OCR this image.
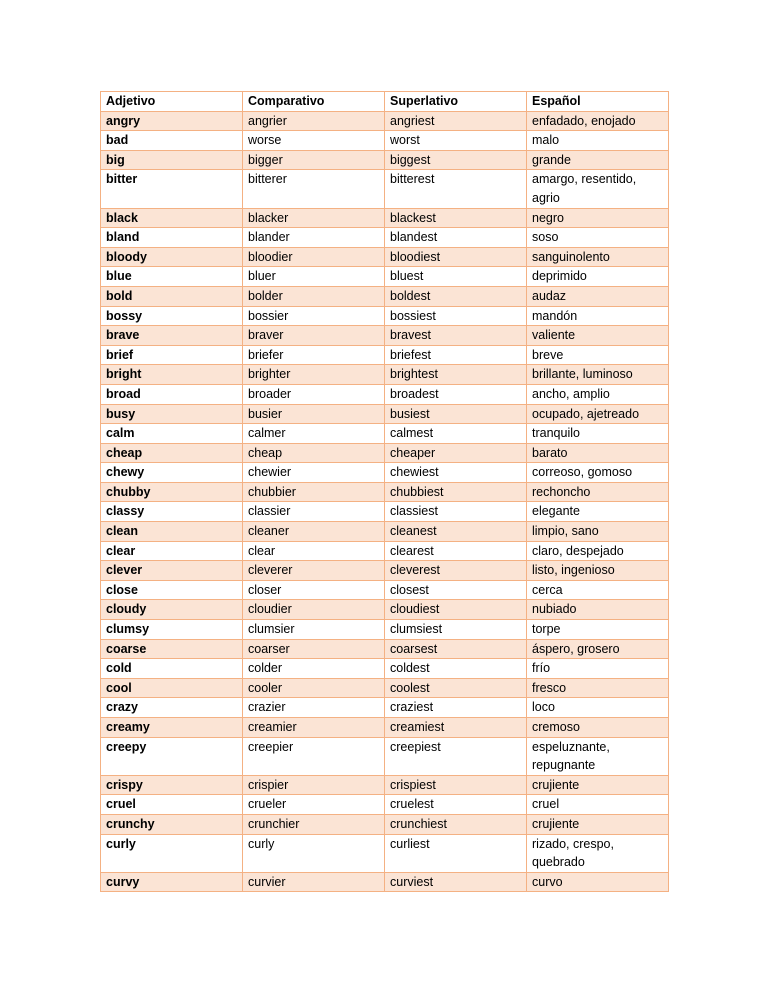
Adjetivo	Comparativo	Superlativo	Español
angry	angrier	angriest	enfadado, enojado
bad	worse	worst	malo
big	bigger	biggest	grande
bitter	bitterer	bitterest	amargo, resentido, agrio
black	blacker	blackest	negro
bland	blander	blandest	soso
bloody	bloodier	bloodiest	sanguinolento
blue	bluer	bluest	deprimido
bold	bolder	boldest	audaz
bossy	bossier	bossiest	mandón
brave	braver	bravest	valiente
brief	briefer	briefest	breve
bright	brighter	brightest	brillante, luminoso
broad	broader	broadest	ancho, amplio
busy	busier	busiest	ocupado, ajetreado
calm	calmer	calmest	tranquilo
cheap	cheap	cheaper	barato
chewy	chewier	chewiest	correoso, gomoso
chubby	chubbier	chubbiest	rechoncho
classy	classier	classiest	elegante
clean	cleaner	cleanest	limpio, sano
clear	clear	clearest	claro, despejado
clever	cleverer	cleverest	listo, ingenioso
close	closer	closest	cerca
cloudy	cloudier	cloudiest	nubiado
clumsy	clumsier	clumsiest	torpe
coarse	coarser	coarsest	áspero, grosero
cold	colder	coldest	frío
cool	cooler	coolest	fresco
crazy	crazier	craziest	loco
creamy	creamier	creamiest	cremoso
creepy	creepier	creepiest	espeluznante, repugnante
crispy	crispier	crispiest	crujiente
cruel	crueler	cruelest	cruel
crunchy	crunchier	crunchiest	crujiente
curly	curly	curliest	rizado, crespo, quebrado
curvy	curvier	curviest	curvo
